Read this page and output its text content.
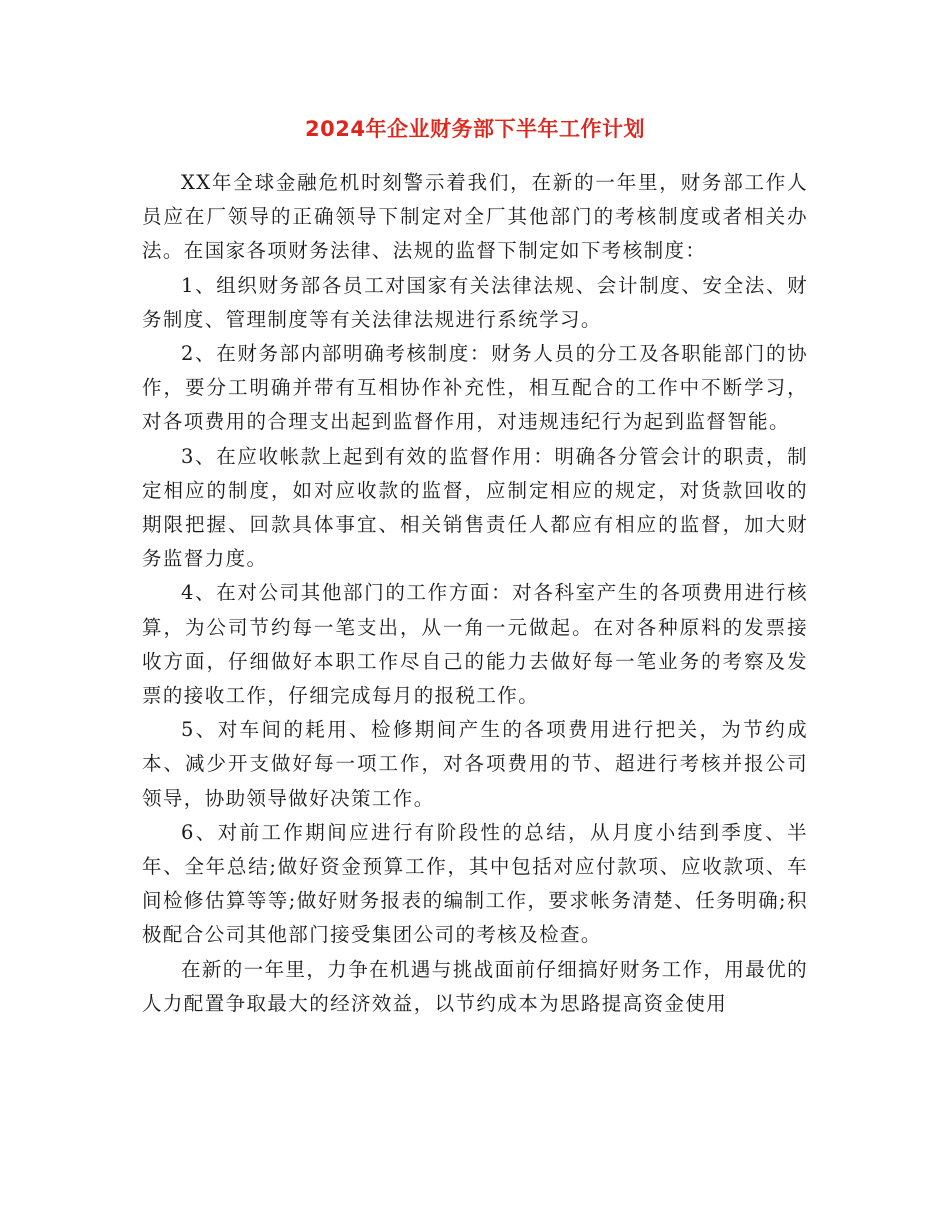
2024年企业财务部下半年工作计划

XX年全球金融危机时刻警示着我们，在新的一年里，财务部工作人员应在厂领导的正确领导下制定对全厂其他部门的考核制度或者相关办法。在国家各项财务法律、法规的监督下制定如下考核制度：

1、组织财务部各员工对国家有关法律法规、会计制度、安全法、财务制度、管理制度等有关法律法规进行系统学习。

2、在财务部内部明确考核制度：财务人员的分工及各职能部门的协作，要分工明确并带有互相协作补充性，相互配合的工作中不断学习，对各项费用的合理支出起到监督作用，对违规违纪行为起到监督智能。

3、在应收帐款上起到有效的监督作用：明确各分管会计的职责，制定相应的制度，如对应收款的监督，应制定相应的规定，对货款回收的期限把握、回款具体事宜、相关销售责任人都应有相应的监督，加大财务监督力度。

4、在对公司其他部门的工作方面：对各科室产生的各项费用进行核算，为公司节约每一笔支出，从一角一元做起。在对各种原料的发票接收方面，仔细做好本职工作尽自己的能力去做好每一笔业务的考察及发票的接收工作，仔细完成每月的报税工作。

5、对车间的耗用、检修期间产生的各项费用进行把关，为节约成本、减少开支做好每一项工作，对各项费用的节、超进行考核并报公司领导，协助领导做好决策工作。

6、对前工作期间应进行有阶段性的总结，从月度小结到季度、半年、全年总结;做好资金预算工作，其中包括对应付款项、应收款项、车间检修估算等等;做好财务报表的编制工作，要求帐务清楚、任务明确;积极配合公司其他部门接受集团公司的考核及检查。

在新的一年里，力争在机遇与挑战面前仔细搞好财务工作，用最优的人力配置争取最大的经济效益，以节约成本为思路提高资金使用
